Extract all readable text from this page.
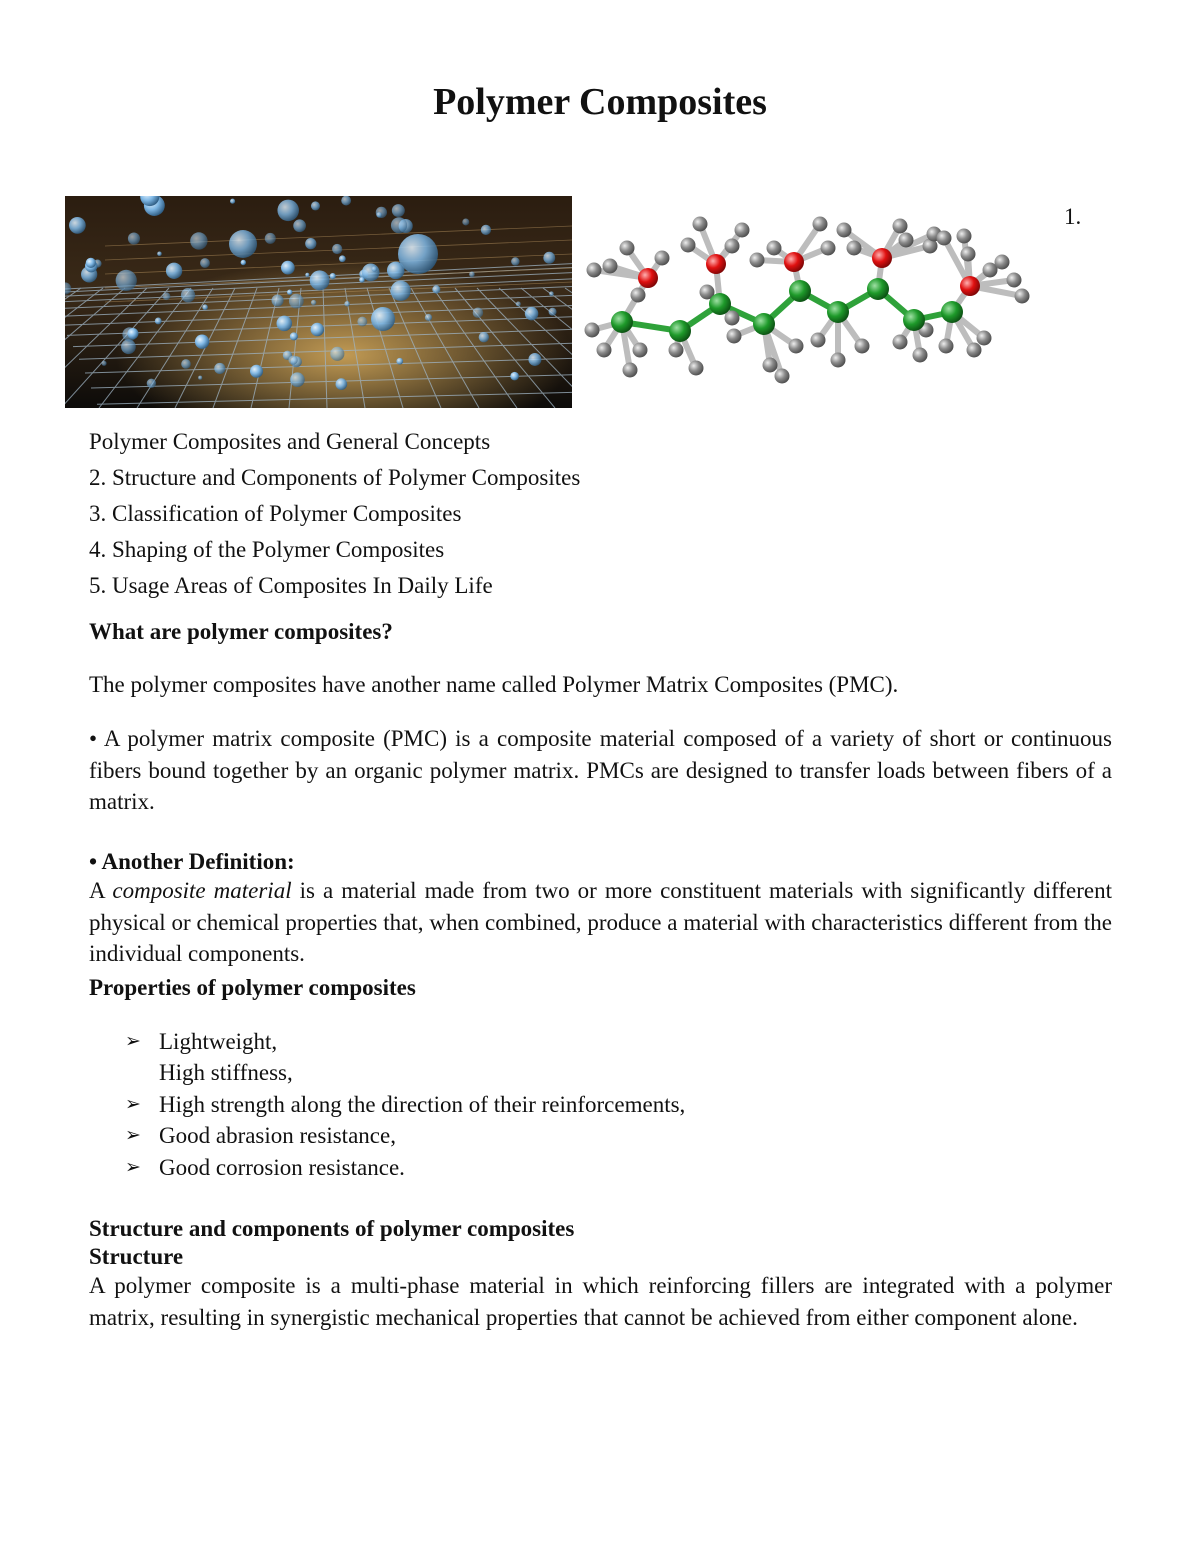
Polymer Composites
1.
Polymer Composites and General Concepts
2. Structure and Components of Polymer Composites
3. Classification of Polymer Composites
4. Shaping of the Polymer Composites
5. Usage Areas of Composites In Daily Life

What are polymer composites?

The polymer composites have another name called Polymer Matrix Composites (PMC).

• A polymer matrix composite (PMC) is a composite material composed of a variety of short or continuous fibers bound together by an organic polymer matrix. PMCs are designed to transfer loads between fibers of a matrix.

• Another Definition:

A composite material is a material made from two or more constituent materials with significantly different physical or chemical properties that, when combined, produce a material with characteristics different from the individual components.

Properties of polymer composites

➢ Lightweight,
High stiffness,
➢ High strength along the direction of their reinforcements,
➢ Good abrasion resistance,
➢ Good corrosion resistance.

Structure and components of polymer composites

Structure

A polymer composite is a multi-phase material in which reinforcing fillers are integrated with a polymer matrix, resulting in synergistic mechanical properties that cannot be achieved from either component alone.
